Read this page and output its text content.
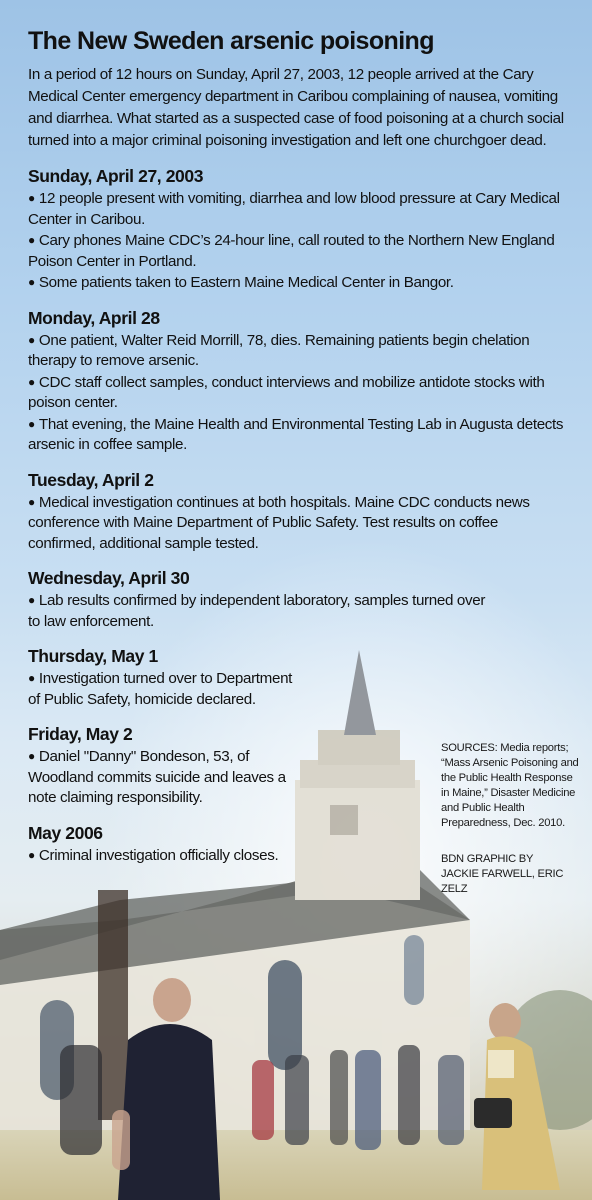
The New Sweden arsenic poisoning

In a period of 12 hours on Sunday, April 27, 2003, 12 people arrived at the Cary Medical Center emergency department in Caribou complaining of nausea, vomiting and diarrhea. What started as a suspected case of food poisoning at a church social turned into a major criminal poisoning investigation and left one churchgoer dead.

Sunday, April 27, 2003

● 12 people present with vomiting, diarrhea and low blood pressure at Cary Medical Center in Caribou.

● Cary phones Maine CDC’s 24-hour line, call routed to the Northern New England Poison Center in Portland.

● Some patients taken to Eastern Maine Medical Center in Bangor.

Monday, April 28

● One patient, Walter Reid Morrill, 78, dies. Remaining patients begin chelation therapy to remove arsenic.

● CDC staff collect samples, conduct interviews and mobilize antidote stocks with poison center.

● That evening, the Maine Health and Environmental Testing Lab in Augusta detects arsenic in coffee sample.

Tuesday, April 2

● Medical investigation continues at both hospitals. Maine CDC conducts news conference with Maine Department of Public Safety. Test results on coffee confirmed, additional sample tested.

Wednesday, April 30

● Lab results confirmed by independent laboratory, samples turned over to law enforcement.

Thursday, May 1

● Investigation turned over to Department of Public Safety, homicide declared.

Friday, May 2

● Daniel "Danny" Bondeson, 53, of Woodland commits suicide and leaves a note claiming responsibility.

May 2006

● Criminal investigation officially closes.

SOURCES: Media reports; “Mass Arsenic Poisoning and the Public Health Response in Maine,” Disaster Medicine and Public Health Preparedness, Dec. 2010.
BDN GRAPHIC BY
JACKIE FARWELL, ERIC ZELZ
